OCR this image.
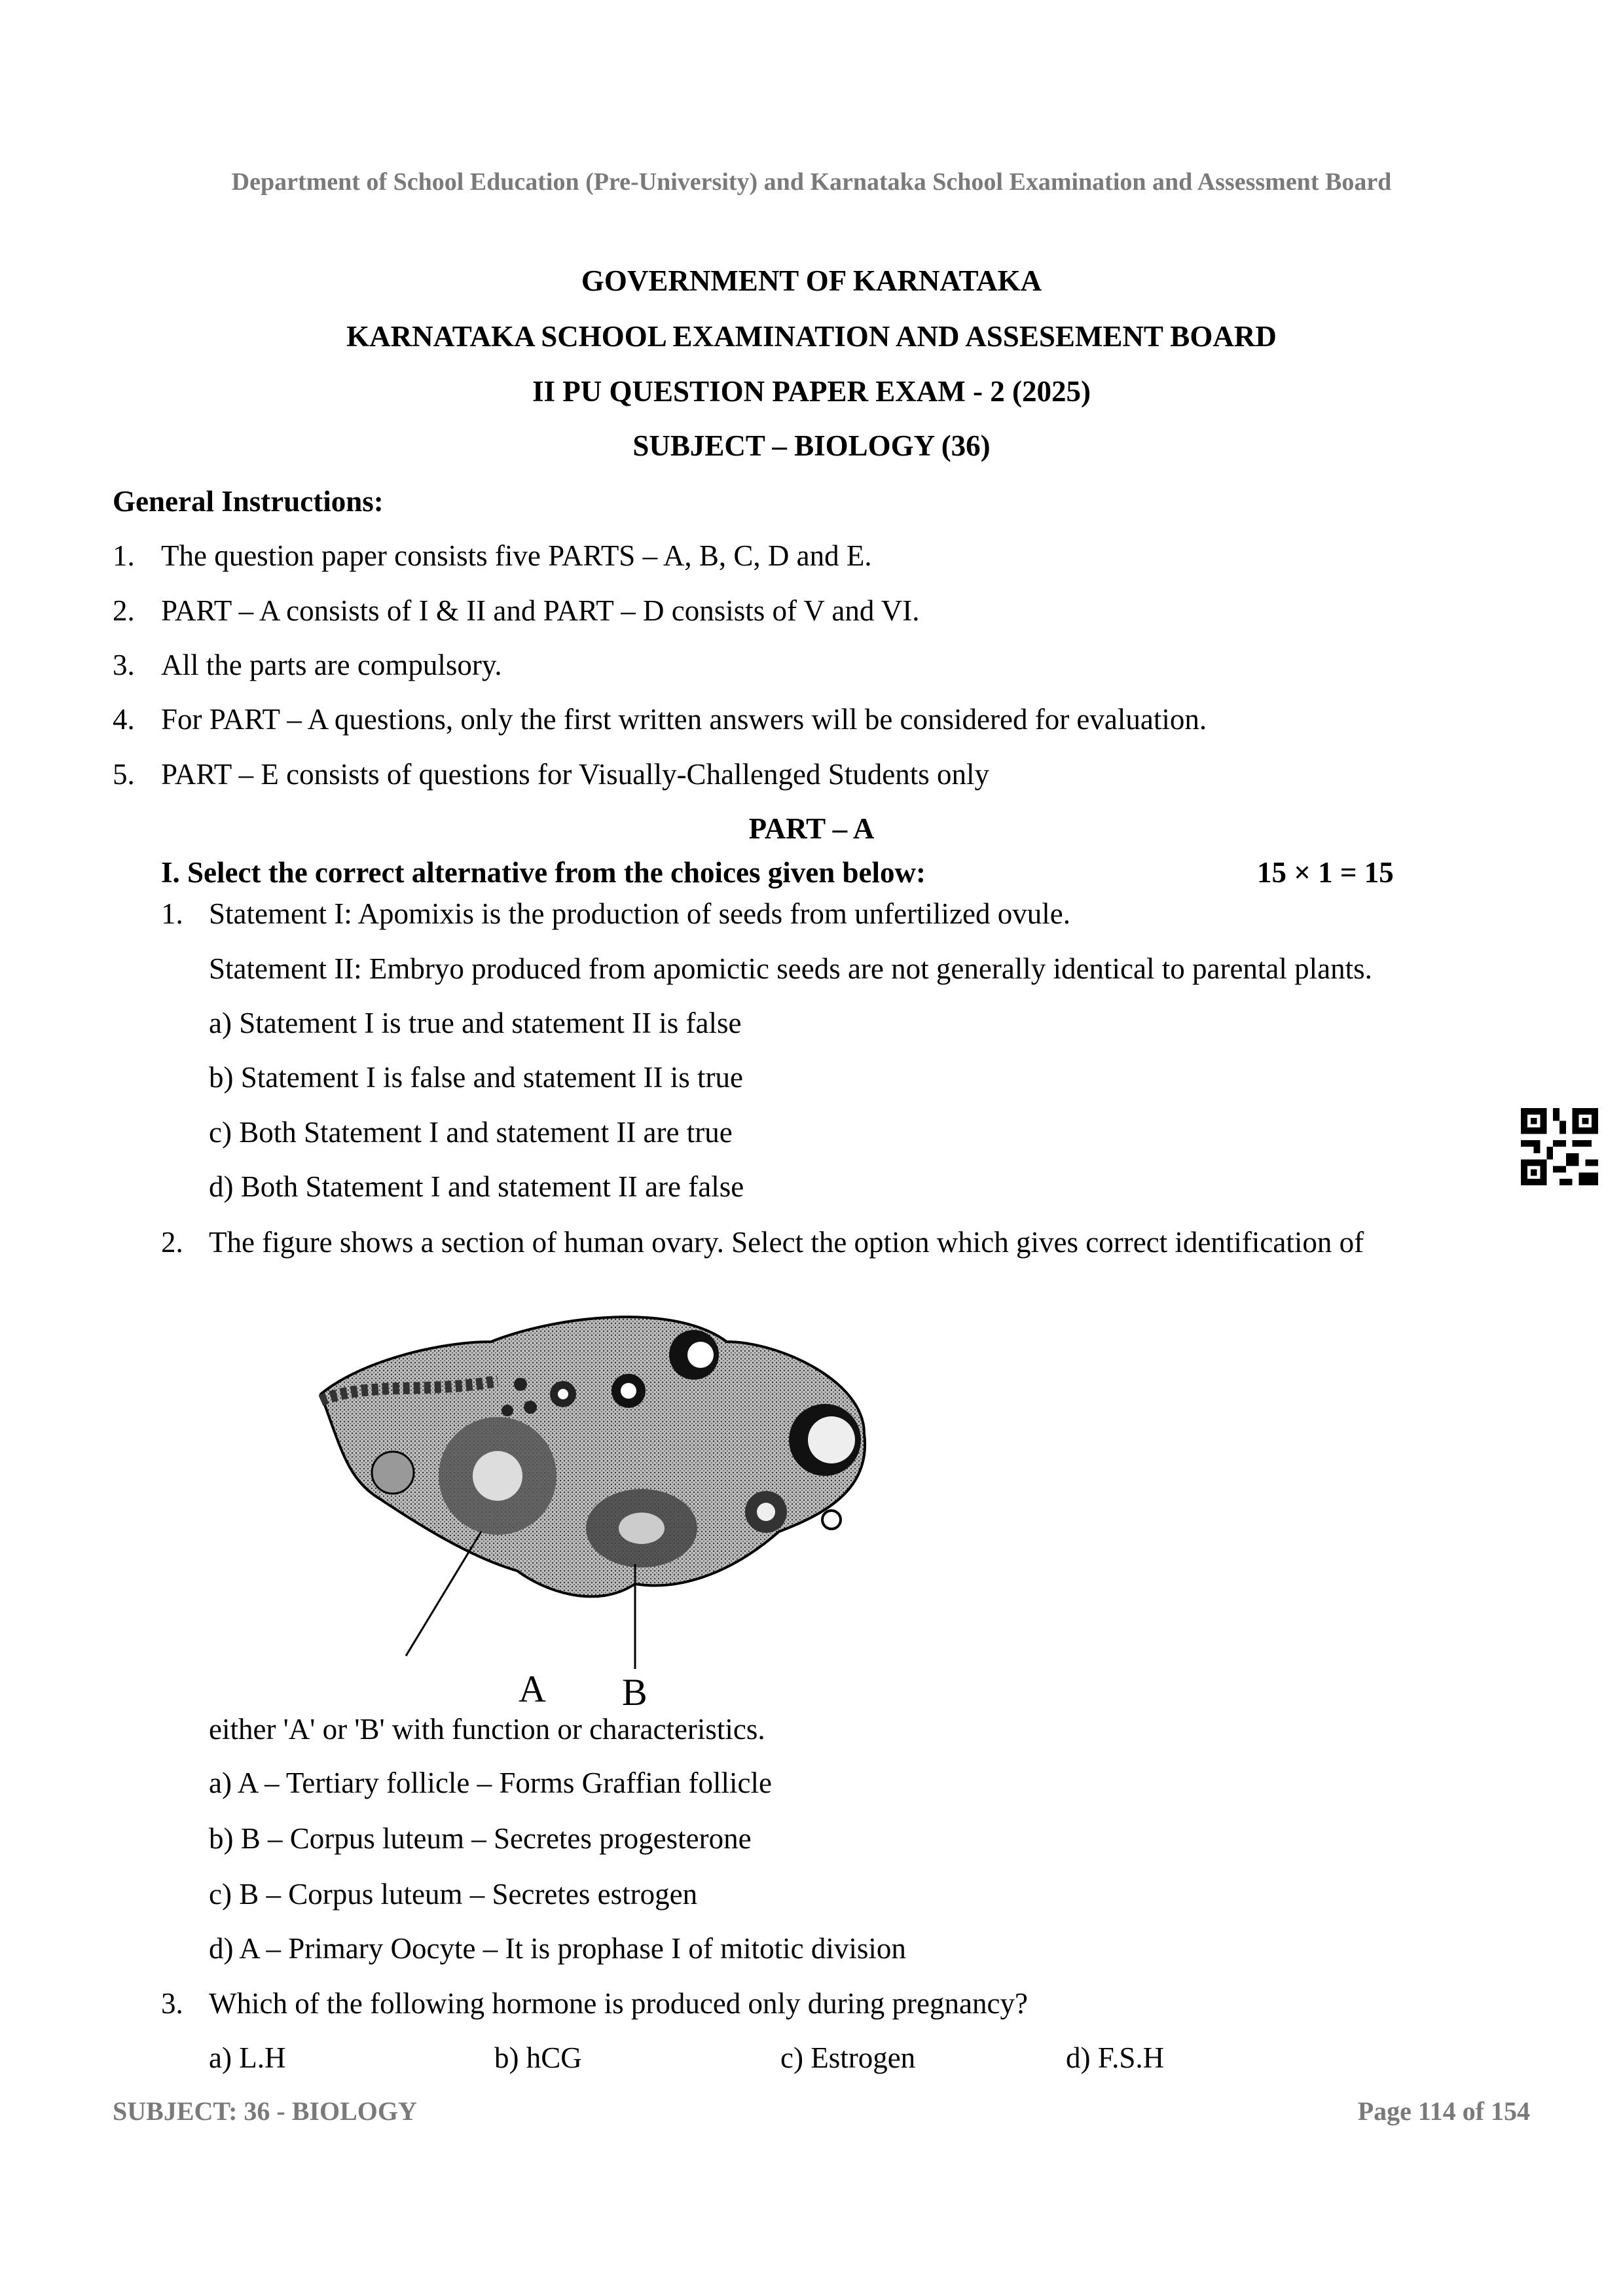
Department of School Education (Pre-University) and Karnataka School Examination and Assessment Board
GOVERNMENT OF KARNATAKA
KARNATAKA SCHOOL EXAMINATION AND ASSESEMENT BOARD
II PU QUESTION PAPER EXAM - 2 (2025)
SUBJECT – BIOLOGY (36)
General Instructions:
1. The question paper consists five PARTS – A, B, C, D and E.
2. PART – A consists of I & II and PART – D consists of V and VI.
3. All the parts are compulsory.
4. For PART – A questions, only the first written answers will be considered for evaluation.
5. PART – E consists of questions for Visually-Challenged Students only
PART – A
I. Select the correct alternative from the choices given below:	15 × 1 = 15
1. Statement I: Apomixis is the production of seeds from unfertilized ovule.
Statement II: Embryo produced from apomictic seeds are not generally identical to parental plants.
a) Statement I is true and statement II is false
b) Statement I is false and statement II is true
c) Both Statement I and statement II are true
d) Both Statement I and statement II are false
2. The figure shows a section of human ovary. Select the option which gives correct identification of
A B
either 'A' or 'B' with function or characteristics.
a) A – Tertiary follicle – Forms Graffian follicle
b) B – Corpus luteum – Secretes progesterone
c) B – Corpus luteum – Secretes estrogen
d) A – Primary Oocyte – It is prophase I of mitotic division
3. Which of the following hormone is produced only during pregnancy?
a) L.H	b) hCG	c) Estrogen	d) F.S.H
SUBJECT: 36 - BIOLOGY	Page 114 of 154
